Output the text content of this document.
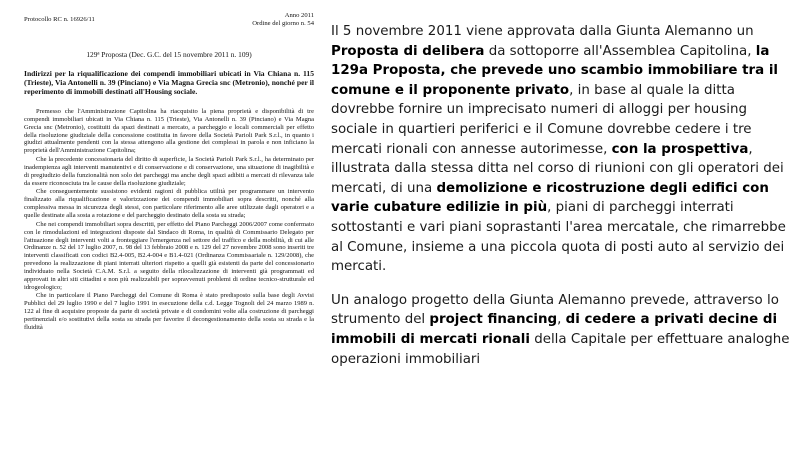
Protocollo RC n. 16926/11
Anno 2011
Ordine del giorno n. 54
129ª Proposta (Dec. G.C. del 15 novembre 2011 n. 109)
Indirizzi per la riqualificazione dei compendi immobiliari ubicati in Via Chiana n. 115 (Trieste), Via Antonelli n. 39 (Pinciano) e Via Magna Grecia snc (Metronio), nonché per il reperimento di immobili destinati all'Housing sociale.

Premesso che l'Amministrazione Capitolina ha riacquisito la piena proprietà e disponibilità di tre compendi immobiliari ubicati in Via Chiana n. 115 (Trieste), Via Antonelli n. 39 (Pinciano) e Via Magna Grecia snc (Metronio), costituiti da spazi destinati a mercato, a parcheggio e locali commerciali per effetto della risoluzione giudiziale della concessione costituita in favore della Società Parioli Park S.r.l., in quanto i giudizi attualmente pendenti con la stessa attengono alla gestione dei complessi in parola e non inficiano la proprietà dell'Amministrazione Capitolina;

Che la precedente concessionaria del diritto di superficie, la Società Parioli Park S.r.l., ha determinato per inadempienza agli interventi manutentivi e di conservazione e di conservazione, una situazione di inagibilità e di pregiudizio della funzionalità non solo dei parcheggi ma anche degli spazi adibiti a mercati di rilevanza tale da essere riconosciuta tra le cause della risoluzione giudiziale;

Che conseguentemente sussistono evidenti ragioni di pubblica utilità per programmare un intervento finalizzato alla riqualificazione e valorizzazione dei compendi immobiliari sopra descritti, nonché alla complessiva messa in sicurezza degli stessi, con particolare riferimento alle aree utilizzate dagli operatori e a quelle destinate alla sosta a rotazione e del parcheggio destinato della sosta su strada;

Che nei compendi immobiliari sopra descritti, per effetto del Piano Parcheggi 2006/2007 come confermato con le rimodulazioni ed integrazioni disposte dal Sindaco di Roma, in qualità di Commissario Delegato per l'attuazione degli interventi volti a fronteggiare l'emergenza nel settore del traffico e della mobilità, di cui alle Ordinanze n. 52 del 17 luglio 2007, n. 98 del 13 febbraio 2008 e n. 129 del 27 novembre 2008 sono inseriti tre interventi classificati con codici B2.4-005, B2.4-004 e B1.4-021 (Ordinanza Commissariale n. 129/2008), che prevedono la realizzazione di piani interrati ulteriori rispetto a quelli già esistenti da parte del concessionario individuato nella Società C.A.M. S.r.l. a seguito della rilocalizzazione di interventi già programmati ed approvati in altri siti cittadini e non più realizzabili per sopravvenuti problemi di ordine tecnico-strutturale ed idrogeologico;

Che in particolare il Piano Parcheggi del Comune di Roma è stato predisposto sulla base degli Avvisi Pubblici del 29 luglio 1990 e del 7 luglio 1991 in esecuzione della c.d. Legge Tognoli del 24 marzo 1989 n. 122 al fine di acquisire proposte da parte di società private e di condomini volte alla costruzione di parcheggi pertinenziali e/o sostitutivi della sosta su strada per favorire il decongestionamento della sosta su strada e la fluidità

Il 5 novembre 2011 viene approvata dalla Giunta Alemanno un Proposta di delibera da sottoporre all'Assemblea Capitolina, la 129a Proposta, che prevede uno scambio immobiliare tra il comune e il proponente privato, in base al quale la ditta dovrebbe fornire un imprecisato numeri di alloggi per housing sociale in quartieri periferici e il Comune dovrebbe cedere i tre mercati rionali con annesse autorimesse, con la prospettiva, illustrata dalla stessa ditta nel corso di riunioni con gli operatori dei mercati, di una demolizione e ricostruzione degli edifici con varie cubature edilizie in più, piani di parcheggi interrati sottostanti e vari piani soprastanti l'area mercatale, che rimarrebbe al Comune, insieme a una piccola quota di posti auto al servizio dei mercati.

Un analogo progetto della Giunta Alemanno prevede, attraverso lo strumento del project financing, di cedere a privati decine di immobili di mercati rionali della Capitale per effettuare analoghe operazioni immobiliari
